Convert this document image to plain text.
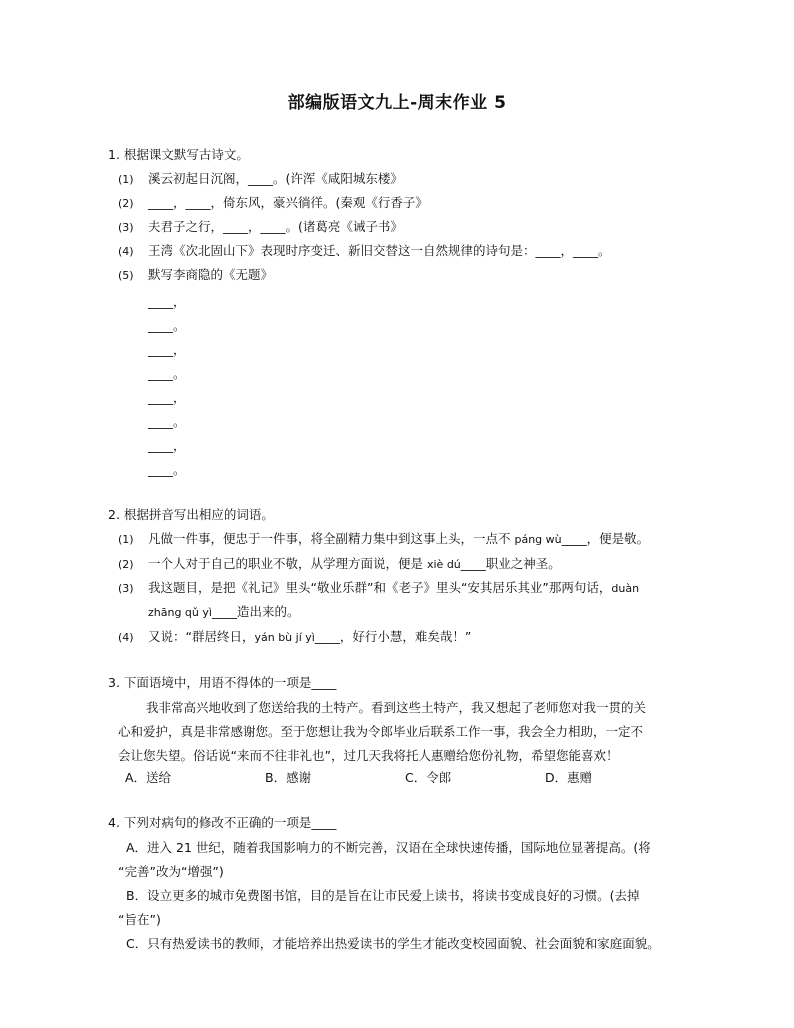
部编版语文九上-周末作业 5
1. 根据课文默写古诗文。
(1) 溪云初起日沉阁，____。(许浑《咸阳城东楼》
(2) ____，____，倚东风，豪兴徜徉。(秦观《行香子》
(3) 夫君子之行，____，____。(诸葛亮《诫子书》
(4) 王湾《次北固山下》表现时序变迁、新旧交替这一自然规律的诗句是：____，____。
(5) 默写李商隐的《无题》
____，
____。
____，
____。
____，
____。
____，
____。
2. 根据拼音写出相应的词语。
(1) 凡做一件事，便忠于一件事，将全副精力集中到这事上头，一点不 páng wù____，便是敬。
(2) 一个人对于自己的职业不敬，从学理方面说，便是 xiè dú____职业之神圣。
(3) 我这题目，是把《礼记》里头“敬业乐群”和《老子》里头“安其居乐其业”那两句话，duàn
zhāng qǔ yì____造出来的。
(4) 又说：“群居终日，yán bù jí yì____，好行小慧，难矣哉！”
3. 下面语境中，用语不得体的一项是____
我非常高兴地收到了您送给我的土特产。看到这些土特产，我又想起了老师您对我一贯的关
心和爱护，真是非常感谢您。至于您想让我为令郎毕业后联系工作一事，我会全力相助，一定不
会让您失望。俗话说“来而不往非礼也”，过几天我将托人惠赠给您份礼物，希望您能喜欢！
A．送给	B．感谢	C．令郎	D．惠赠
4. 下列对病句的修改不正确的一项是____
A．进入 21 世纪，随着我国影响力的不断完善，汉语在全球快速传播，国际地位显著提高。(将
“完善”改为“增强”)
B．设立更多的城市免费图书馆，目的是旨在让市民爱上读书，将读书变成良好的习惯。(去掉
“旨在”)
C．只有热爱读书的教师，才能培养出热爱读书的学生才能改变校园面貌、社会面貌和家庭面貌。
